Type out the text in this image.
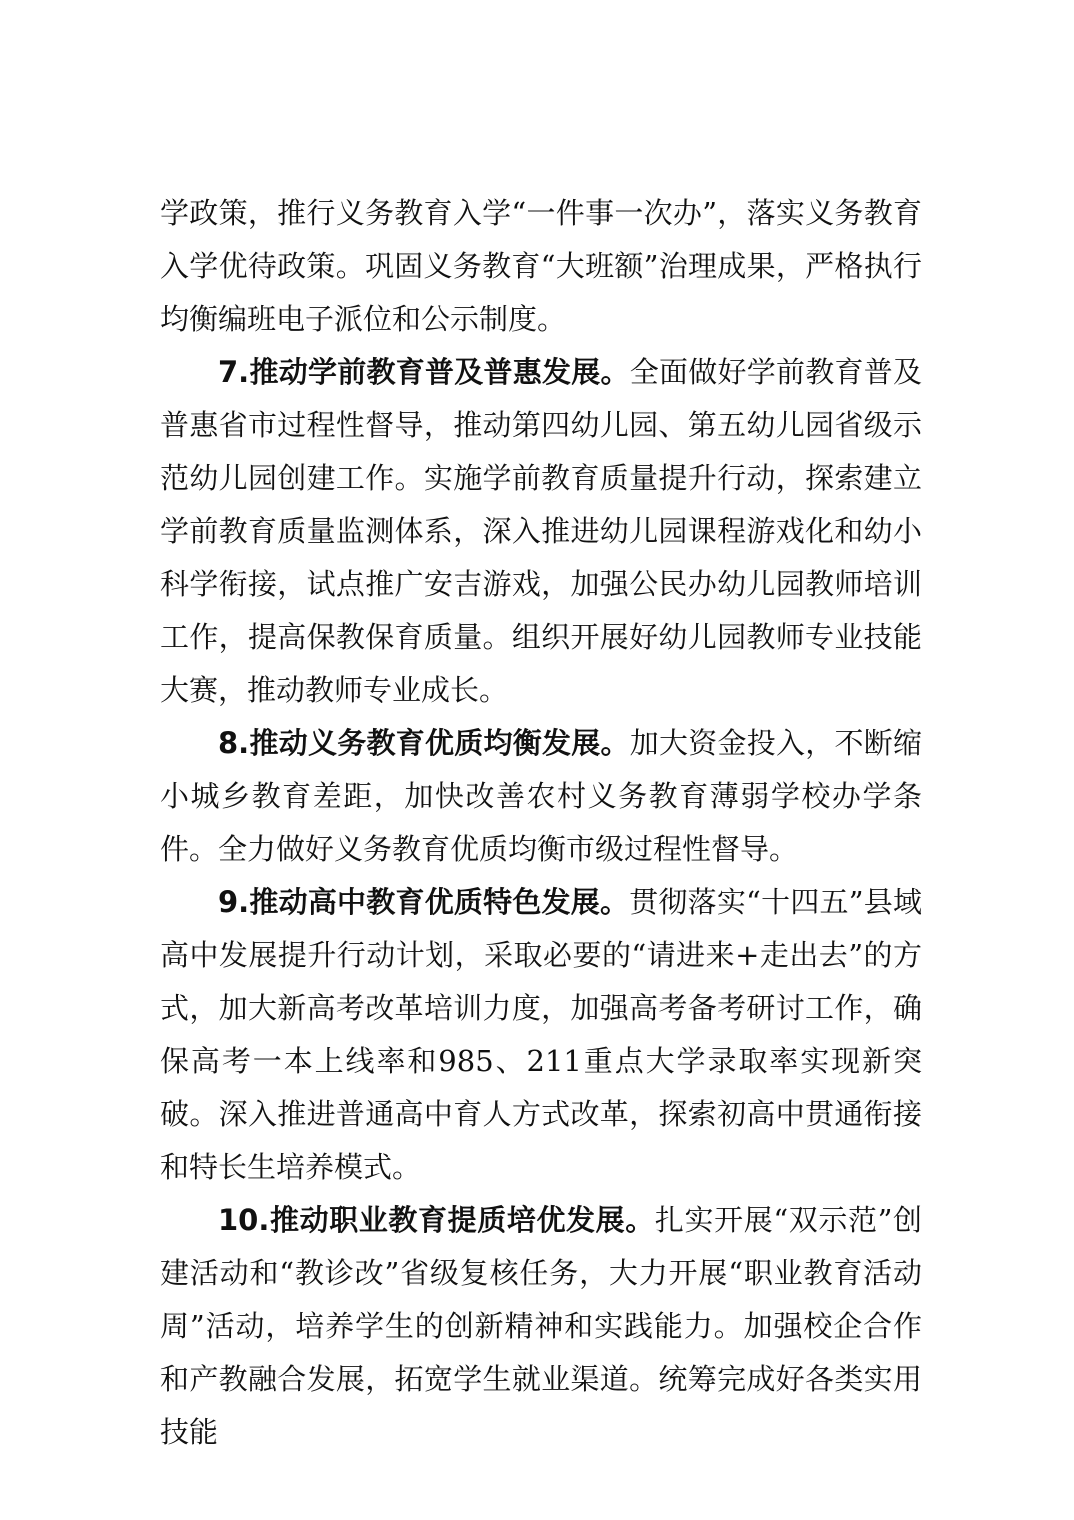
学政策，推行义务教育入学“一件事一次办”，落实义务教育入学优待政策。巩固义务教育“大班额”治理成果，严格执行均衡编班电子派位和公示制度。

7.推动学前教育普及普惠发展。全面做好学前教育普及普惠省市过程性督导，推动第四幼儿园、第五幼儿园省级示范幼儿园创建工作。实施学前教育质量提升行动，探索建立学前教育质量监测体系，深入推进幼儿园课程游戏化和幼小科学衔接，试点推广安吉游戏，加强公民办幼儿园教师培训工作，提高保教保育质量。组织开展好幼儿园教师专业技能大赛，推动教师专业成长。

8.推动义务教育优质均衡发展。加大资金投入，不断缩小城乡教育差距，加快改善农村义务教育薄弱学校办学条件。全力做好义务教育优质均衡市级过程性督导。

9.推动高中教育优质特色发展。贯彻落实“十四五”县域高中发展提升行动计划，采取必要的“请进来+走出去”的方式，加大新高考改革培训力度，加强高考备考研讨工作，确保高考一本上线率和985、211重点大学录取率实现新突破。深入推进普通高中育人方式改革，探索初高中贯通衔接和特长生培养模式。

10.推动职业教育提质培优发展。扎实开展“双示范”创建活动和“教诊改”省级复核任务，大力开展“职业教育活动周”活动，培养学生的创新精神和实践能力。加强校企合作和产教融合发展，拓宽学生就业渠道。统筹完成好各类实用技能
